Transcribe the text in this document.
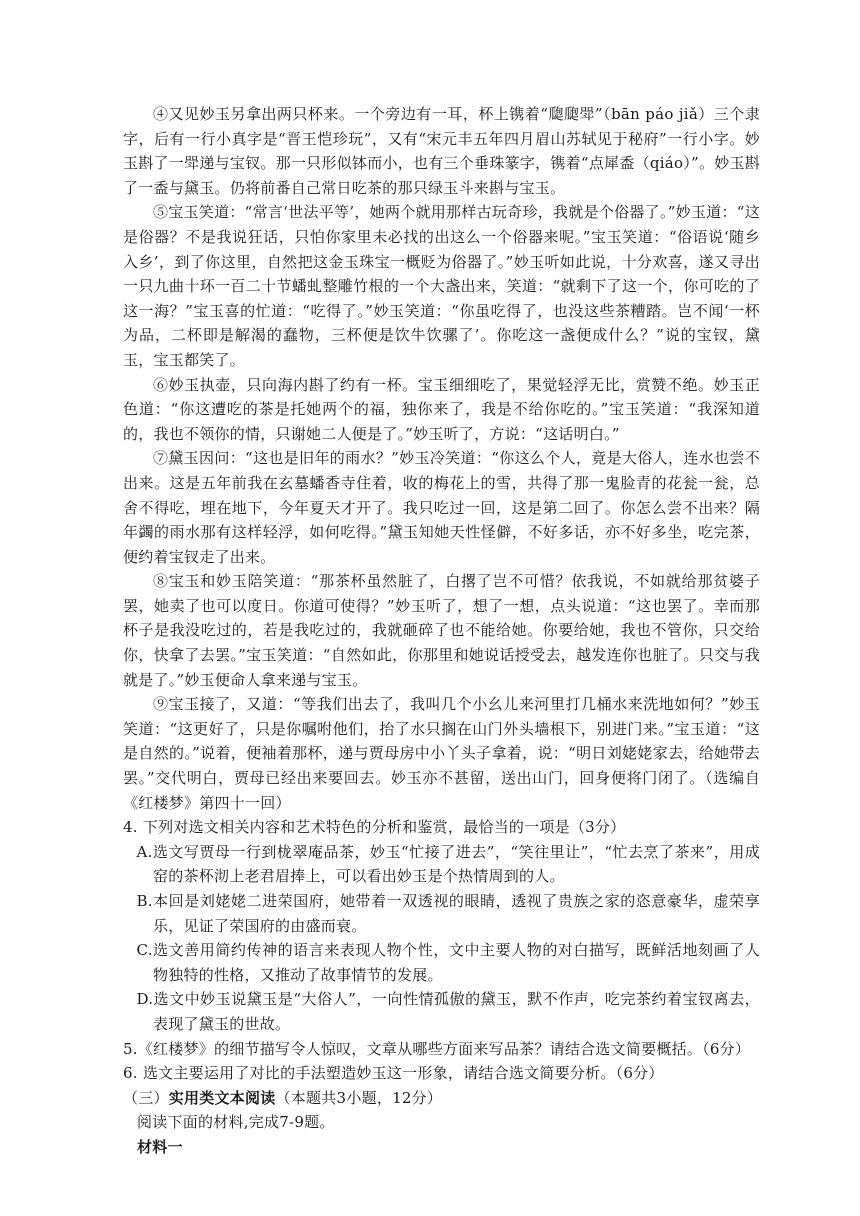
④又见妙玉另拿出两只杯来。一个旁边有一耳，杯上镌着“瓟瓟斝”（bān páo jiǎ）三个隶字，后有一行小真字是“晋王恺珍玩”，又有“宋元丰五年四月眉山苏轼见于秘府”一行小字。妙玉斟了一斝递与宝钗。那一只形似钵而小，也有三个垂珠篆字，镌着“点犀盉（qiáo）”。妙玉斟了一盉与黛玉。仍将前番自己常日吃茶的那只绿玉斗来斟与宝玉。

⑤宝玉笑道：“常言‘世法平等’，她两个就用那样古玩奇珍，我就是个俗器了。”妙玉道：“这是俗器？不是我说狂话，只怕你家里未必找的出这么一个俗器来呢。”宝玉笑道：“俗语说‘随乡入乡’，到了你这里，自然把这金玉珠宝一概贬为俗器了。”妙玉听如此说，十分欢喜，遂又寻出一只九曲十环一百二十节蟠虬整雕竹根的一个大盏出来，笑道：“就剩下了这一个，你可吃的了这一海？”宝玉喜的忙道：“吃得了。”妙玉笑道：“你虽吃得了，也没这些茶糟踏。岂不闻‘一杯为品，二杯即是解渴的蠢物，三杯便是饮牛饮骡了’。你吃这一盏便成什么？”说的宝钗，黛玉，宝玉都笑了。

⑥妙玉执壶，只向海内斟了约有一杯。宝玉细细吃了，果觉轻浮无比，赏赞不绝。妙玉正色道：“你这遭吃的茶是托她两个的福，独你来了，我是不给你吃的。”宝玉笑道：“我深知道的，我也不领你的情，只谢她二人便是了。”妙玉听了，方说：“这话明白。”

⑦黛玉因问：“这也是旧年的雨水？”妙玉冷笑道：“你这么个人，竟是大俗人，连水也尝不出来。这是五年前我在玄墓蟠香寺住着，收的梅花上的雪，共得了那一鬼脸青的花瓮一瓮，总舍不得吃，埋在地下，今年夏天才开了。我只吃过一回，这是第二回了。你怎么尝不出来？隔年蠲的雨水那有这样轻浮，如何吃得。”黛玉知她天性怪僻，不好多话，亦不好多坐，吃完茶，便约着宝钗走了出来。

⑧宝玉和妙玉陪笑道：“那茶杯虽然脏了，白撂了岂不可惜？依我说，不如就给那贫婆子罢，她卖了也可以度日。你道可使得？”妙玉听了，想了一想，点头说道：“这也罢了。幸而那杯子是我没吃过的，若是我吃过的，我就砸碎了也不能给她。你要给她，我也不管你，只交给你，快拿了去罢。”宝玉笑道：“自然如此，你那里和她说话授受去，越发连你也脏了。只交与我就是了。”妙玉便命人拿来递与宝玉。

⑨宝玉接了，又道：“等我们出去了，我叫几个小幺儿来河里打几桶水来洗地如何？”妙玉笑道：“这更好了，只是你嘱咐他们，抬了水只搁在山门外头墙根下，别进门来。”宝玉道：“这是自然的。”说着，便袖着那杯，递与贾母房中小丫头子拿着，说：“明日刘姥姥家去，给她带去罢。”交代明白，贾母已经出来要回去。妙玉亦不甚留，送出山门，回身便将门闭了。（选编自《红楼梦》第四十一回）

4. 下列对选文相关内容和艺术特色的分析和鉴赏，最恰当的一项是（3分）

A.选文写贾母一行到栊翠庵品茶，妙玉“忙接了进去”，“笑往里让”，“忙去烹了茶来”，用成窑的茶杯沏上老君眉捧上，可以看出妙玉是个热情周到的人。

B.本回是刘姥姥二进荣国府，她带着一双透视的眼睛，透视了贵族之家的恣意豪华，虚荣享乐，见证了荣国府的由盛而衰。

C.选文善用简约传神的语言来表现人物个性，文中主要人物的对白描写，既鲜活地刻画了人物独特的性格，又推动了故事情节的发展。

D.选文中妙玉说黛玉是“大俗人”，一向性情孤傲的黛玉，默不作声，吃完茶约着宝钗离去，表现了黛玉的世故。

5.《红楼梦》的细节描写令人惊叹，文章从哪些方面来写品茶？请结合选文简要概括。（6分）

6. 选文主要运用了对比的手法塑造妙玉这一形象，请结合选文简要分析。（6分）

（三）实用类文本阅读（本题共3小题，12分）

阅读下面的材料,完成7-9题。

材料一
